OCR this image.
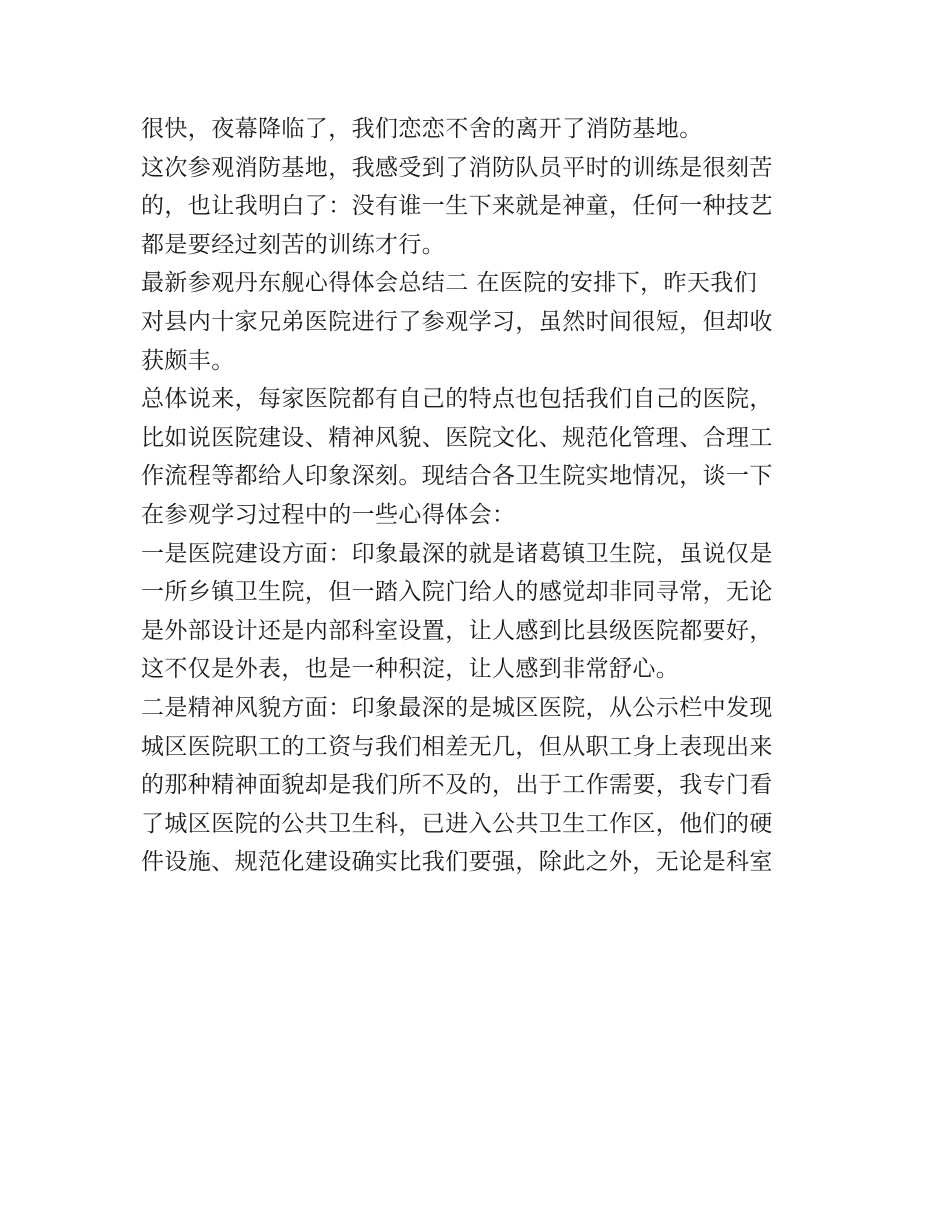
很快，夜幕降临了，我们恋恋不舍的离开了消防基地。
这次参观消防基地，我感受到了消防队员平时的训练是很刻苦
的，也让我明白了：没有谁一生下来就是神童，任何一种技艺
都是要经过刻苦的训练才行。
最新参观丹东舰心得体会总结二 在医院的安排下，昨天我们
对县内十家兄弟医院进行了参观学习，虽然时间很短，但却收
获颇丰。
总体说来，每家医院都有自己的特点也包括我们自己的医院，
比如说医院建设、精神风貌、医院文化、规范化管理、合理工
作流程等都给人印象深刻。现结合各卫生院实地情况，谈一下
在参观学习过程中的一些心得体会：
一是医院建设方面：印象最深的就是诸葛镇卫生院，虽说仅是
一所乡镇卫生院，但一踏入院门给人的感觉却非同寻常，无论
是外部设计还是内部科室设置，让人感到比县级医院都要好，
这不仅是外表，也是一种积淀，让人感到非常舒心。
二是精神风貌方面：印象最深的是城区医院，从公示栏中发现
城区医院职工的工资与我们相差无几，但从职工身上表现出来
的那种精神面貌却是我们所不及的，出于工作需要，我专门看
了城区医院的公共卫生科，已进入公共卫生工作区，他们的硬
件设施、规范化建设确实比我们要强，除此之外，无论是科室
